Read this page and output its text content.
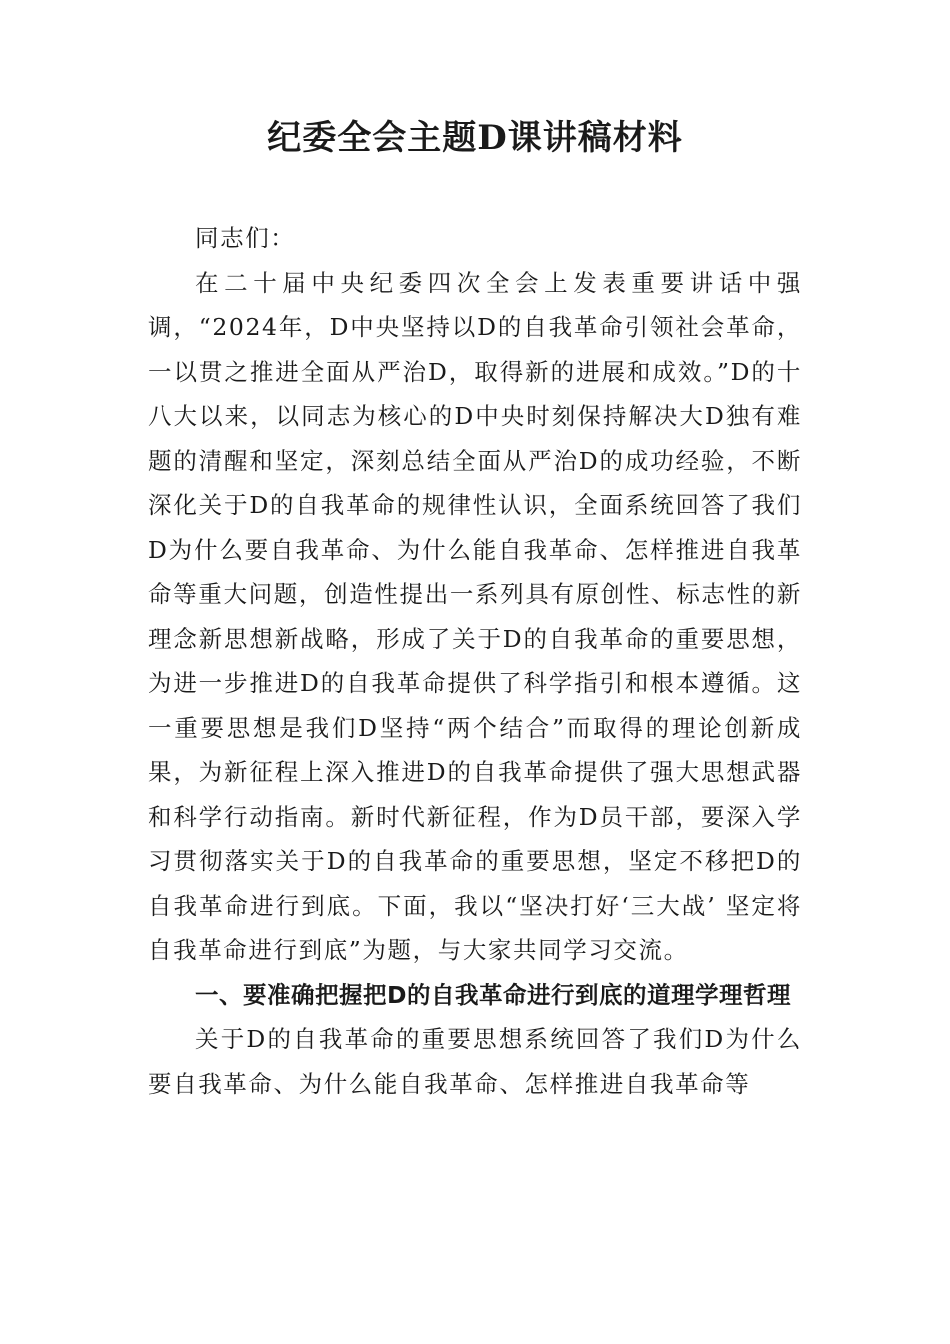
纪委全会主题D课讲稿材料

同志们：

在二十届中央纪委四次全会上发表重要讲话中强调，“2024年，D中央坚持以D的自我革命引领社会革命，一以贯之推进全面从严治D，取得新的进展和成效。”D的十八大以来，以同志为核心的D中央时刻保持解决大D独有难题的清醒和坚定，深刻总结全面从严治D的成功经验，不断深化关于D的自我革命的规律性认识，全面系统回答了我们D为什么要自我革命、为什么能自我革命、怎样推进自我革命等重大问题，创造性提出一系列具有原创性、标志性的新理念新思想新战略，形成了关于D的自我革命的重要思想，为进一步推进D的自我革命提供了科学指引和根本遵循。这一重要思想是我们D坚持“两个结合”而取得的理论创新成果，为新征程上深入推进D的自我革命提供了强大思想武器和科学行动指南。新时代新征程，作为D员干部，要深入学习贯彻落实关于D的自我革命的重要思想，坚定不移把D的自我革命进行到底。下面，我以“坚决打好‘三大战’ 坚定将自我革命进行到底”为题，与大家共同学习交流。

一、要准确把握把D的自我革命进行到底的道理学理哲理

关于D的自我革命的重要思想系统回答了我们D为什么要自我革命、为什么能自我革命、怎样推进自我革命等
